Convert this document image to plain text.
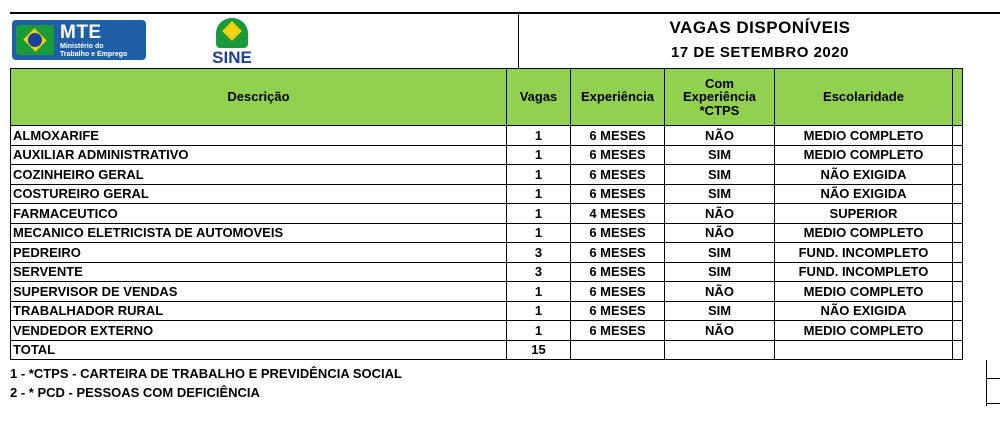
MTE
Ministério do
Trabalho e Emprego	SINE
VAGAS DISPONÍVEIS
17 DE SETEMBRO 2020
Descrição	Vagas	Experiência	Com Experiência *CTPS	Escolaridade	
ALMOXARIFE	1	6 MESES	NÃO	MEDIO COMPLETO	
AUXILIAR ADMINISTRATIVO	1	6 MESES	SIM	MEDIO COMPLETO	
COZINHEIRO GERAL	1	6 MESES	SIM	NÃO EXIGIDA	
COSTUREIRO GERAL	1	6 MESES	SIM	NÃO EXIGIDA	
FARMACEUTICO	1	4 MESES	NÃO	SUPERIOR	
MECANICO ELETRICISTA DE AUTOMOVEIS	1	6 MESES	NÃO	MEDIO COMPLETO	
PEDREIRO	3	6 MESES	SIM	FUND. INCOMPLETO	
SERVENTE	3	6 MESES	SIM	FUND. INCOMPLETO	
SUPERVISOR DE VENDAS	1	6 MESES	NÃO	MEDIO COMPLETO	
TRABALHADOR RURAL	1	6 MESES	SIM	NÃO EXIGIDA	
VENDEDOR EXTERNO	1	6 MESES	NÃO	MEDIO COMPLETO	
TOTAL	15				
1 - *CTPS - CARTEIRA DE TRABALHO E PREVIDÊNCIA SOCIAL
2 - * PCD - PESSOAS COM DEFICIÊNCIA
